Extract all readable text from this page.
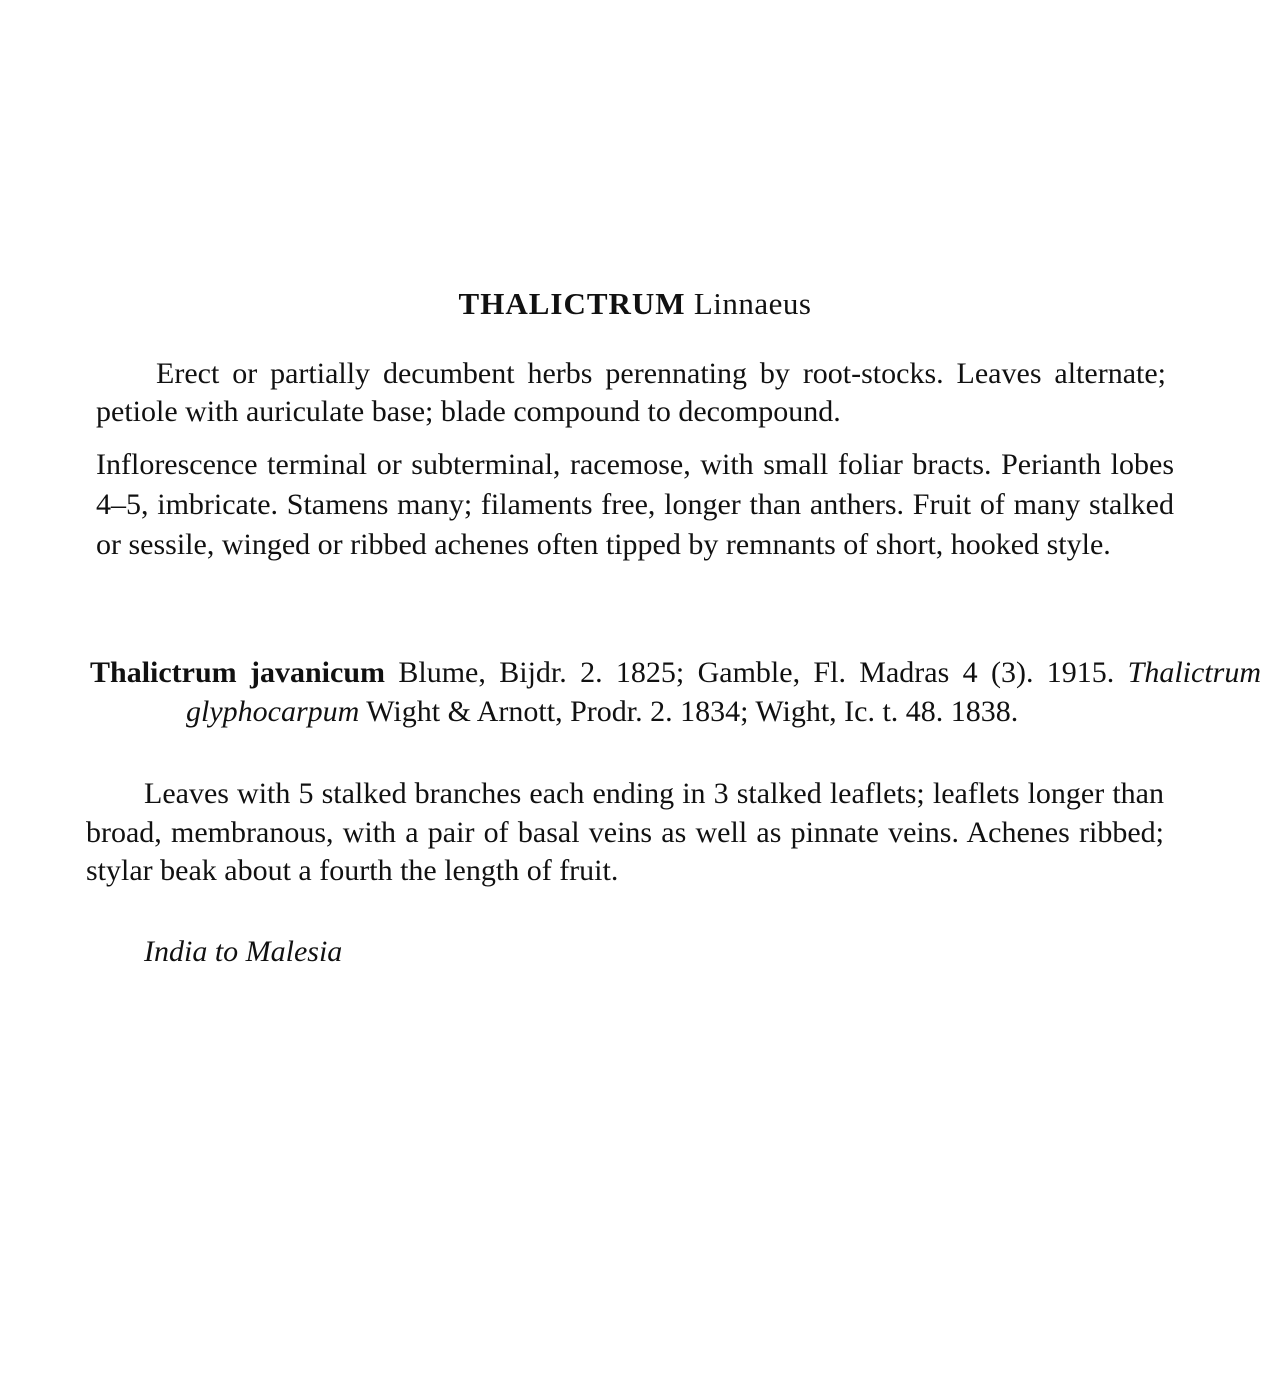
THALICTRUM Linnaeus

Erect or partially decumbent herbs perennating by root-stocks. Leaves alternate; petiole with auriculate base; blade compound to decompound.

Inflorescence terminal or subterminal, racemose, with small foliar bracts. Perianth lobes 4–5, imbricate. Stamens many; filaments free, longer than anthers. Fruit of many stalked or sessile, winged or ribbed achenes often tipped by remnants of short, hooked style.

Thalictrum javanicum Blume, Bijdr. 2. 1825; Gamble, Fl. Madras 4 (3). 1915. Thalictrum glyphocarpum Wight & Arnott, Prodr. 2. 1834; Wight, Ic. t. 48. 1838.

Leaves with 5 stalked branches each ending in 3 stalked leaflets; leaflets longer than broad, membranous, with a pair of basal veins as well as pinnate veins. Achenes ribbed; stylar beak about a fourth the length of fruit.

India to Malesia
